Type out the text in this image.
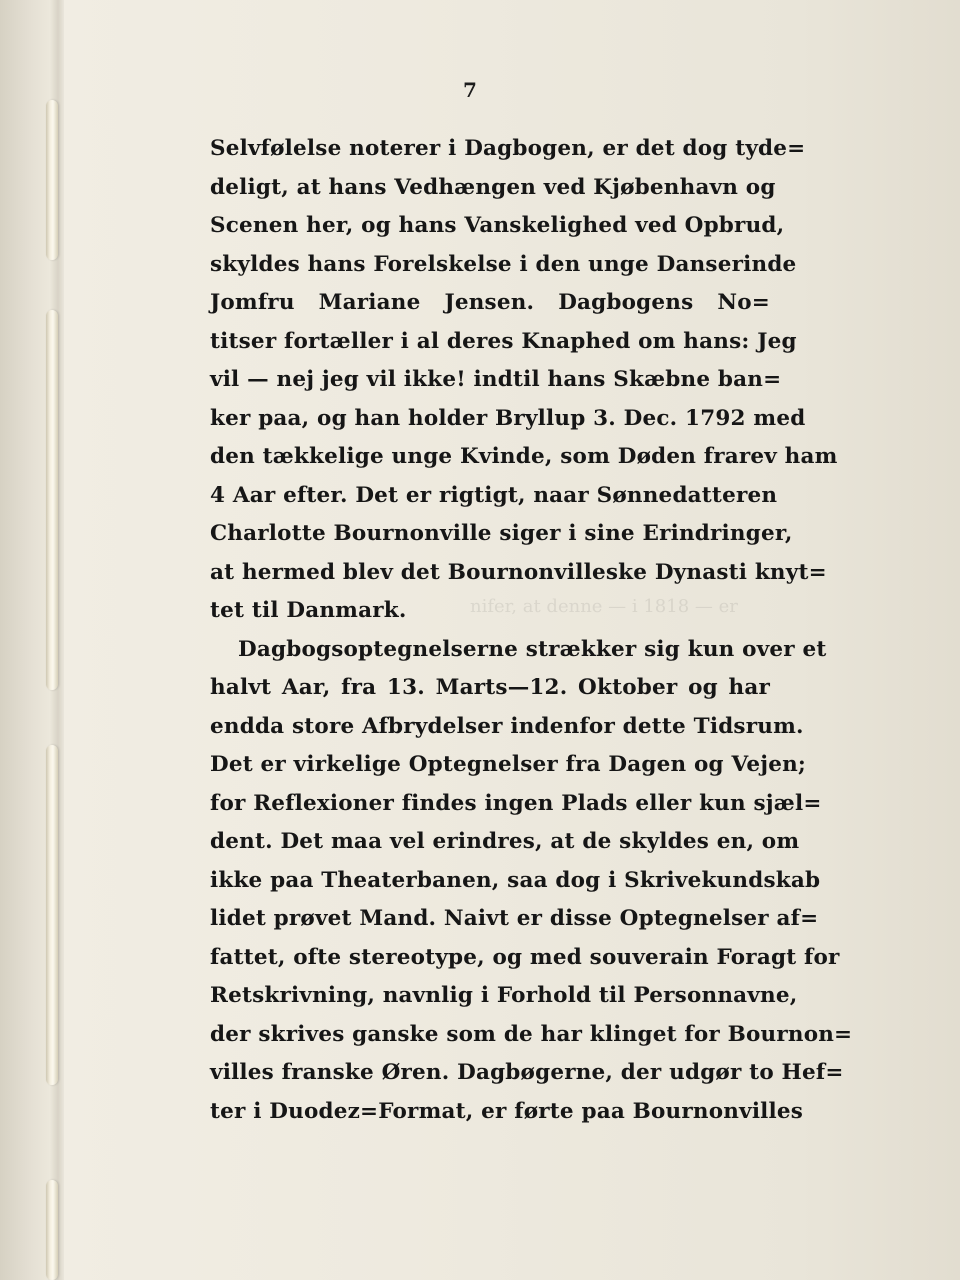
7
nifer, at denne — i 1818 — er
Selvfølelse noterer i Dagbogen, er det dog tyde=
deligt, at hans Vedhængen ved Kjøbenhavn og
Scenen her, og hans Vanskelighed ved Opbrud,
skyldes hans Forelskelse i den unge Danserinde
Jomfru Mariane Jensen. Dagbogens No=
titser fortæller i al deres Knaphed om hans: Jeg
vil — nej jeg vil ikke! indtil hans Skæbne ban=
ker paa, og han holder Bryllup 3. Dec. 1792 med
den tækkelige unge Kvinde, som Døden frarev ham
4 Aar efter. Det er rigtigt, naar Sønnedatteren
Charlotte Bournonville siger i sine Erindringer,
at hermed blev det Bournonvilleske Dynasti knyt=
tet til Danmark.
Dagbogsoptegnelserne strækker sig kun over et
halvt Aar, fra 13. Marts—12. Oktober og har
endda store Afbrydelser indenfor dette Tidsrum.
Det er virkelige Optegnelser fra Dagen og Vejen;
for Reflexioner findes ingen Plads eller kun sjæl=
dent. Det maa vel erindres, at de skyldes en, om
ikke paa Theaterbanen, saa dog i Skrivekundskab
lidet prøvet Mand. Naivt er disse Optegnelser af=
fattet, ofte stereotype, og med souverain Foragt for
Retskrivning, navnlig i Forhold til Personnavne,
der skrives ganske som de har klinget for Bournon=
villes franske Øren. Dagbøgerne, der udgør to Hef=
ter i Duodez=Format, er førte paa Bournonvilles
